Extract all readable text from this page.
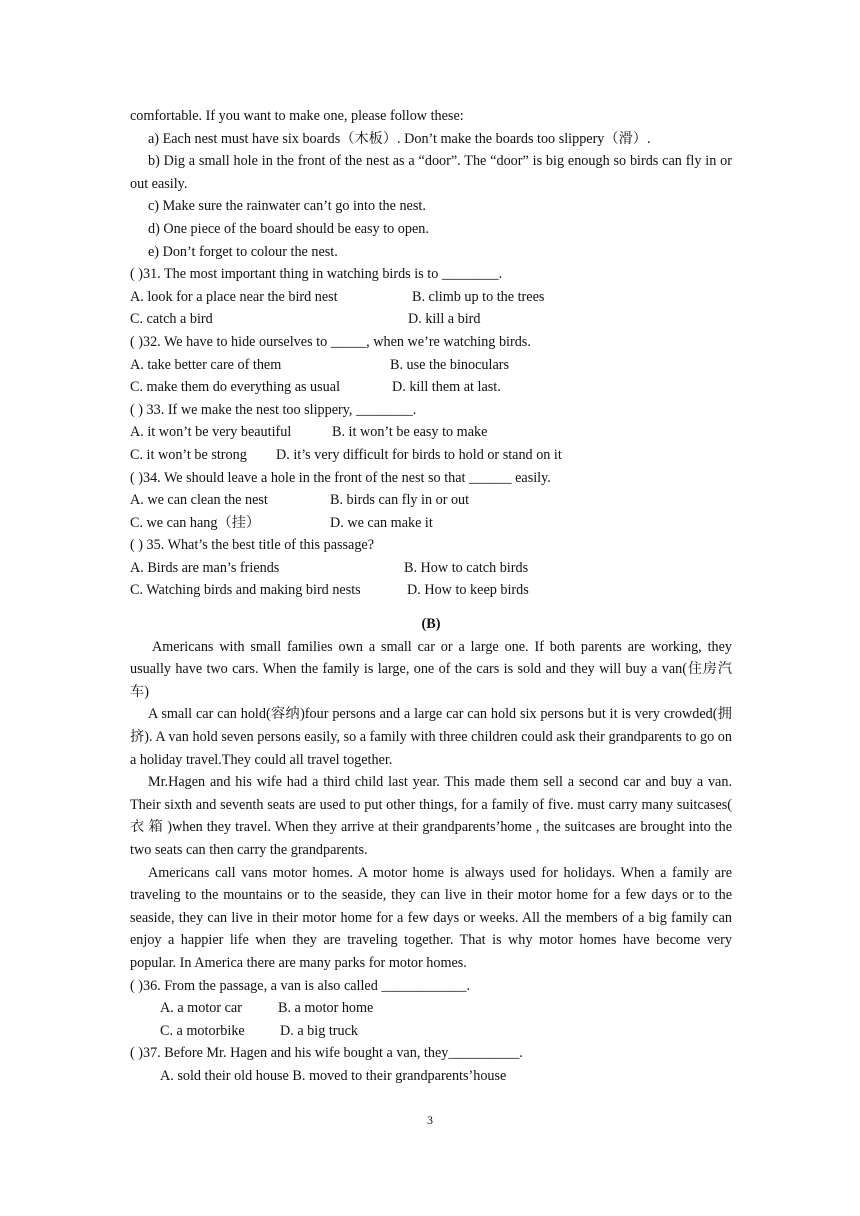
comfortable. If you want to make one, please follow these:
a) Each nest must have six boards（木板）. Don’t make the boards too slippery（滑）.
b) Dig a small hole in the front of the nest as a “door”. The “door” is big enough so birds can fly in or out easily.
c) Make sure the rainwater can’t go into the nest.
d) One piece of the board should be easy to open.
e) Don’t forget to colour the nest.
( )31. The most important thing in watching birds is to ________.
A. look for a place near the bird nest	B. climb up to the trees
C. catch a bird	D. kill a bird
( )32. We have to hide ourselves to _____, when we’re watching birds.
A. take better care of them	B. use the binoculars
C. make them do everything as usual	D. kill them at last.
( ) 33. If we make the nest too slippery, ________.
A. it won’t be very beautiful	B. it won’t be easy to make
C. it won’t be strong	D. it’s very difficult for birds to hold or stand on it
( )34. We should leave a hole in the front of the nest so that ______ easily.
A. we can clean the nest	B. birds can fly in or out
C. we can hang（挂）	D. we can make it
( ) 35. What’s the best title of this passage?
A. Birds are man’s friends	B. How to catch birds
C. Watching birds and making bird nests	D. How to keep birds
(B)
Americans with small families own a small car or a large one. If both parents are working, they usually have two cars. When the family is large, one of the cars is sold and they will buy a van(住房汽车)
A small car can hold(容纳)four persons and a large car can hold six persons but it is very crowded(拥挤). A van hold seven persons easily, so a family with three children could ask their grandparents to go on a holiday travel.They could all travel together.
Mr.Hagen and his wife had a third child last year. This made them sell a second car and buy a van. Their sixth and seventh seats are used to put other things, for a family of five. must carry many suitcases( 衣 箱 )when they travel. When they arrive at their grandparents’home , the suitcases are brought into the two seats can then carry the grandparents.
Americans call vans motor homes. A motor home is always used for holidays. When a family are traveling to the mountains or to the seaside, they can live in their motor home for a few days or to the seaside, they can live in their motor home for a few days or weeks. All the members of a big family can enjoy a happier life when they are traveling together. That is why motor homes have become very popular. In America there are many parks for motor homes.
( )36. From the passage, a van is also called ____________.
A. a motor car	B. a motor home
C. a motorbike	D. a big truck
( )37. Before Mr. Hagen and his wife bought a van, they__________.
A. sold their old house B. moved to their grandparents’house
3
